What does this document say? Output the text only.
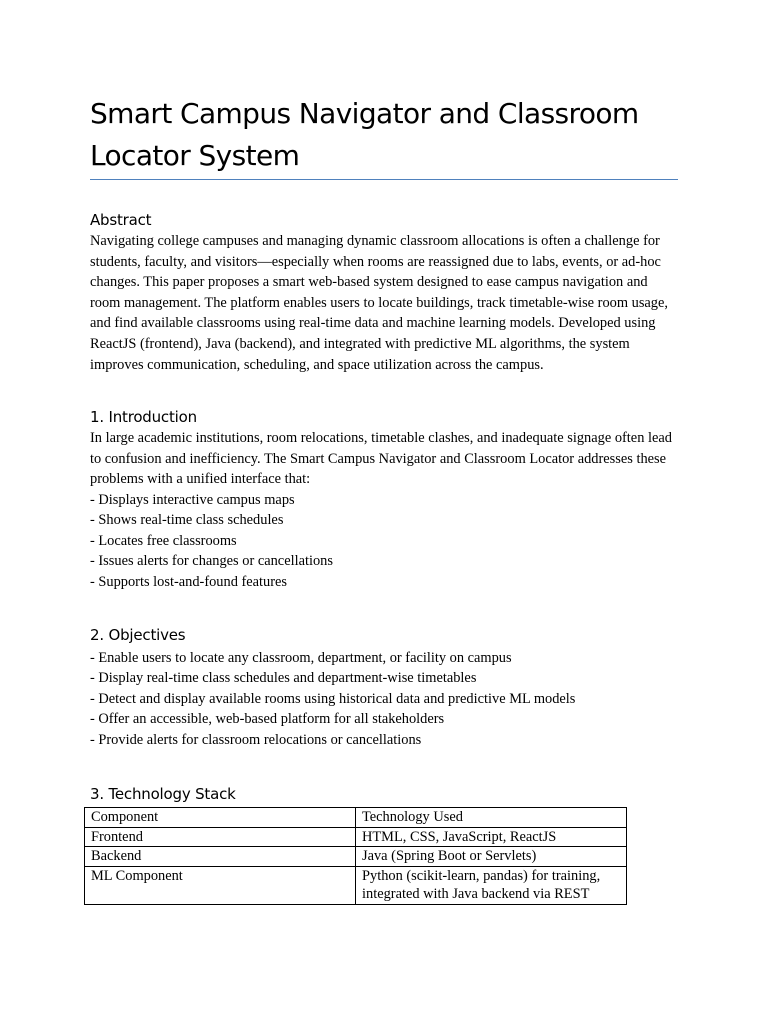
Smart Campus Navigator and Classroom Locator System
Abstract

Navigating college campuses and managing dynamic classroom allocations is often a challenge for students, faculty, and visitors—especially when rooms are reassigned due to labs, events, or ad-hoc changes. This paper proposes a smart web-based system designed to ease campus navigation and room management. The platform enables users to locate buildings, track timetable-wise room usage, and find available classrooms using real-time data and machine learning models. Developed using ReactJS (frontend), Java (backend), and integrated with predictive ML algorithms, the system improves communication, scheduling, and space utilization across the campus.

1. Introduction

In large academic institutions, room relocations, timetable clashes, and inadequate signage often lead to confusion and inefficiency. The Smart Campus Navigator and Classroom Locator addresses these problems with a unified interface that:

- Displays interactive campus maps
- Shows real-time class schedules
- Locates free classrooms
- Issues alerts for changes or cancellations
- Supports lost-and-found features
2. Objectives
- Enable users to locate any classroom, department, or facility on campus
- Display real-time class schedules and department-wise timetables
- Detect and display available rooms using historical data and predictive ML models
- Offer an accessible, web-based platform for all stakeholders
- Provide alerts for classroom relocations or cancellations
3. Technology Stack
Component	Technology Used
Frontend	HTML, CSS, JavaScript, ReactJS
Backend	Java (Spring Boot or Servlets)
ML Component	Python (scikit-learn, pandas) for training, integrated with Java backend via REST
